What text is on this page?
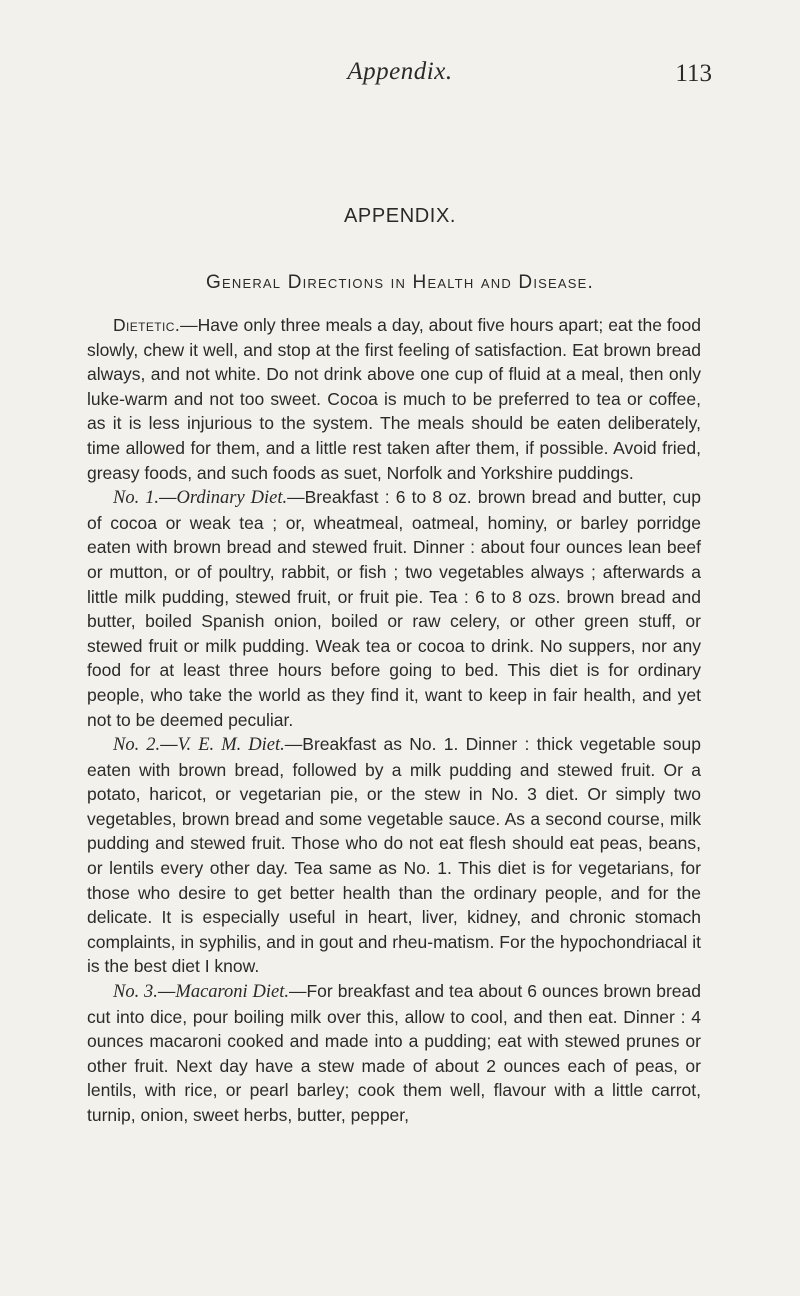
Appendix.	113
APPENDIX.
General Directions in Health and Disease.

Dietetic.—Have only three meals a day, about five hours apart; eat the food slowly, chew it well, and stop at the first feeling of satisfaction. Eat brown bread always, and not white. Do not drink above one cup of fluid at a meal, then only luke-warm and not too sweet. Cocoa is much to be preferred to tea or coffee, as it is less injurious to the system. The meals should be eaten deliberately, time allowed for them, and a little rest taken after them, if possible. Avoid fried, greasy foods, and such foods as suet, Norfolk and Yorkshire puddings.

No. 1.—Ordinary Diet.—Breakfast : 6 to 8 oz. brown bread and butter, cup of cocoa or weak tea ; or, wheatmeal, oatmeal, hominy, or barley porridge eaten with brown bread and stewed fruit. Dinner : about four ounces lean beef or mutton, or of poultry, rabbit, or fish ; two vegetables always ; afterwards a little milk pudding, stewed fruit, or fruit pie. Tea : 6 to 8 ozs. brown bread and butter, boiled Spanish onion, boiled or raw celery, or other green stuff, or stewed fruit or milk pudding. Weak tea or cocoa to drink. No suppers, nor any food for at least three hours before going to bed. This diet is for ordinary people, who take the world as they find it, want to keep in fair health, and yet not to be deemed peculiar.

No. 2.—V. E. M. Diet.—Breakfast as No. 1. Dinner : thick vegetable soup eaten with brown bread, followed by a milk pudding and stewed fruit. Or a potato, haricot, or vegetarian pie, or the stew in No. 3 diet. Or simply two vegetables, brown bread and some vegetable sauce. As a second course, milk pudding and stewed fruit. Those who do not eat flesh should eat peas, beans, or lentils every other day. Tea same as No. 1. This diet is for vegetarians, for those who desire to get better health than the ordinary people, and for the delicate. It is especially useful in heart, liver, kidney, and chronic stomach complaints, in syphilis, and in gout and rheu-matism. For the hypochondriacal it is the best diet I know.

No. 3.—Macaroni Diet.—For breakfast and tea about 6 ounces brown bread cut into dice, pour boiling milk over this, allow to cool, and then eat. Dinner : 4 ounces macaroni cooked and made into a pudding; eat with stewed prunes or other fruit. Next day have a stew made of about 2 ounces each of peas, or lentils, with rice, or pearl barley; cook them well, flavour with a little carrot, turnip, onion, sweet herbs, butter, pepper,
